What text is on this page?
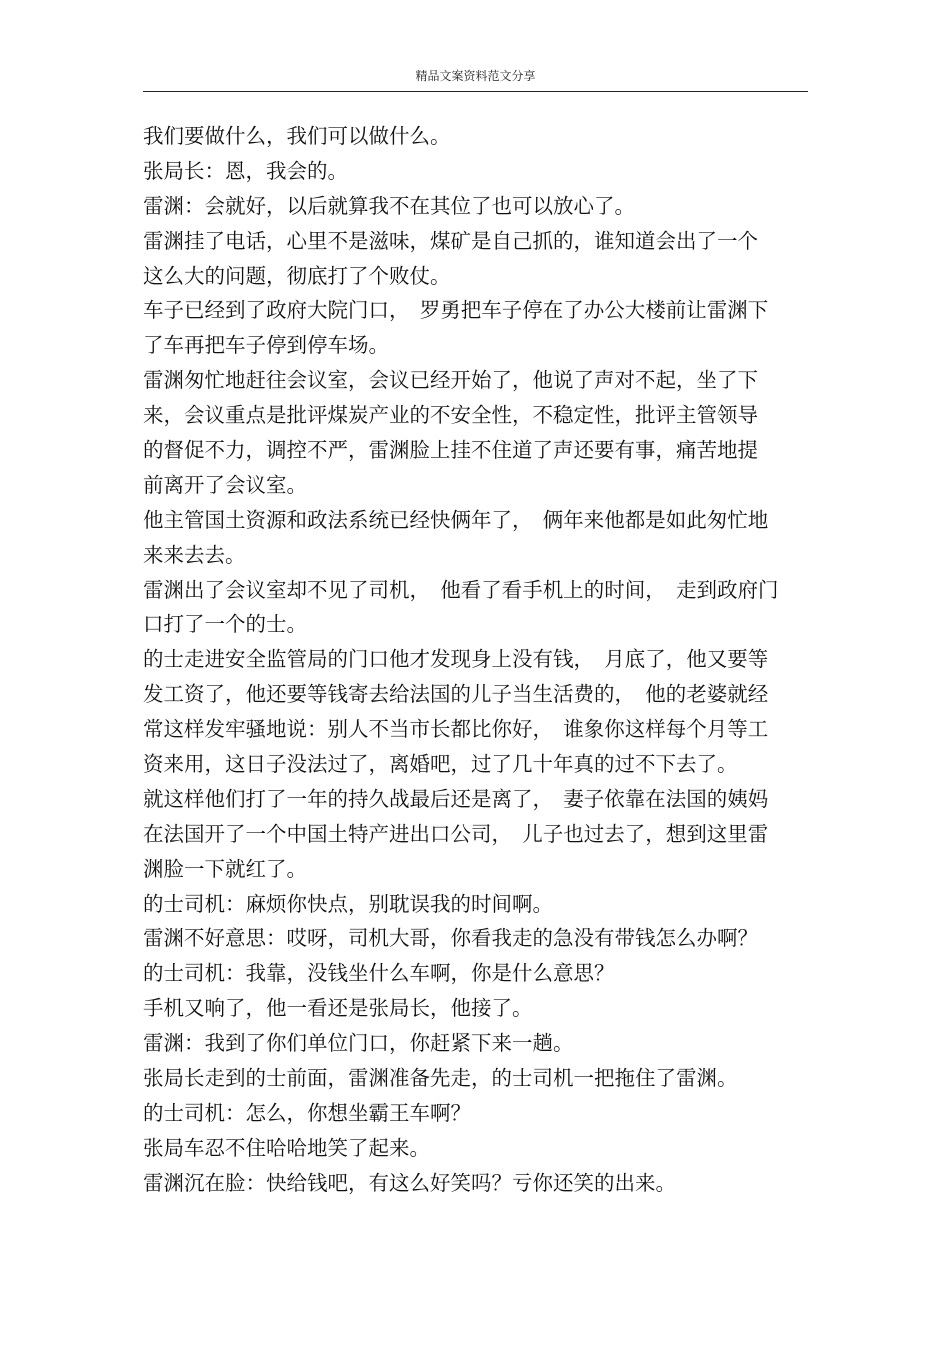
精品文案资料范文分享
我们要做什么，我们可以做什么。
张局长：恩，我会的。
雷渊：会就好，以后就算我不在其位了也可以放心了。
雷渊挂了电话，心里不是滋味，煤矿是自己抓的，谁知道会出了一个
这么大的问题，彻底打了个败仗。
车子已经到了政府大院门口，　罗勇把车子停在了办公大楼前让雷渊下
了车再把车子停到停车场。
雷渊匆忙地赶往会议室，会议已经开始了，他说了声对不起，坐了下
来，会议重点是批评煤炭产业的不安全性，不稳定性，批评主管领导
的督促不力，调控不严，雷渊脸上挂不住道了声还要有事，痛苦地提
前离开了会议室。
他主管国土资源和政法系统已经快俩年了，　俩年来他都是如此匆忙地
来来去去。
雷渊出了会议室却不见了司机，　他看了看手机上的时间，　走到政府门
口打了一个的士。
的士走进安全监管局的门口他才发现身上没有钱，　月底了，他又要等
发工资了，他还要等钱寄去给法国的儿子当生活费的，　他的老婆就经
常这样发牢骚地说：别人不当市长都比你好，　谁象你这样每个月等工
资来用，这日子没法过了，离婚吧，过了几十年真的过不下去了。
就这样他们打了一年的持久战最后还是离了，　妻子依靠在法国的姨妈
在法国开了一个中国土特产进出口公司，　儿子也过去了，想到这里雷
渊脸一下就红了。
的士司机：麻烦你快点，别耽误我的时间啊。
雷渊不好意思：哎呀，司机大哥，你看我走的急没有带钱怎么办啊？
的士司机：我靠，没钱坐什么车啊，你是什么意思？
手机又响了，他一看还是张局长，他接了。
雷渊：我到了你们单位门口，你赶紧下来一趟。
张局长走到的士前面，雷渊准备先走，的士司机一把拖住了雷渊。
的士司机：怎么，你想坐霸王车啊？
张局车忍不住哈哈地笑了起来。
雷渊沉在脸：快给钱吧，有这么好笑吗？亏你还笑的出来。
